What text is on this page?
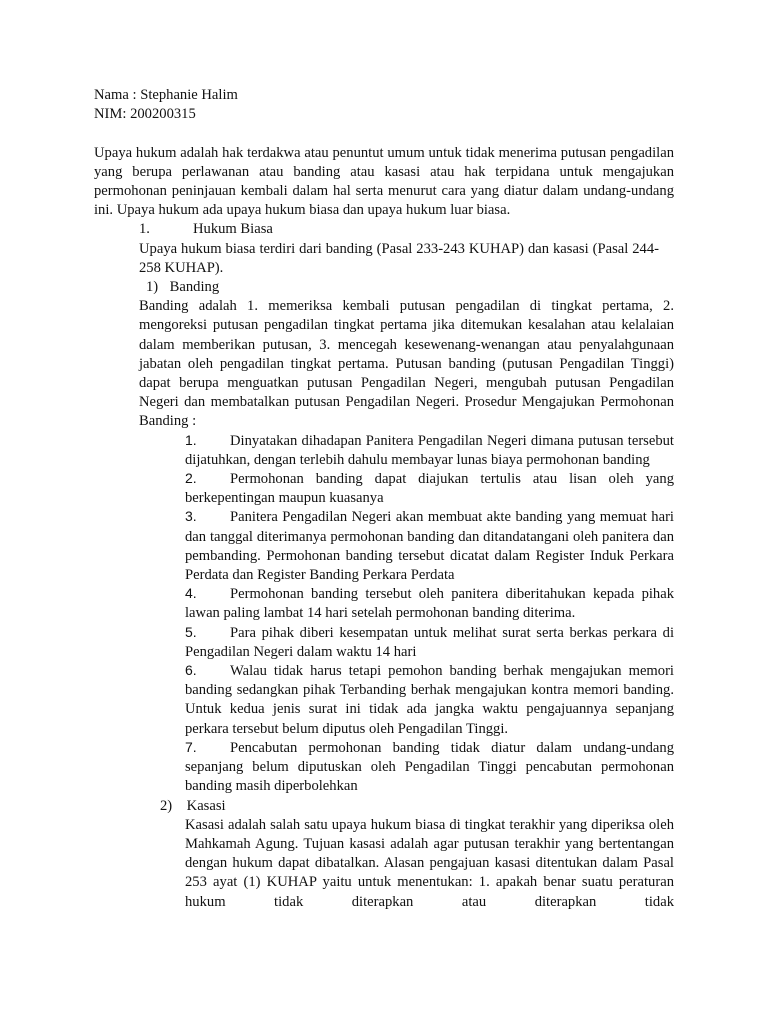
Nama : Stephanie Halim

NIM: 200200315

Upaya hukum adalah hak terdakwa atau penuntut umum untuk tidak menerima putusan pengadilan yang berupa perlawanan atau banding atau kasasi atau hak terpidana untuk mengajukan permohonan peninjauan kembali dalam hal serta menurut cara yang diatur dalam undang-undang ini. Upaya hukum ada upaya hukum biasa dan upaya hukum luar biasa.

1.	Hukum Biasa

Upaya hukum biasa terdiri dari banding (Pasal 233-243 KUHAP) dan kasasi (Pasal 244-258 KUHAP).

1) Banding

Banding adalah 1. memeriksa kembali putusan pengadilan di tingkat pertama, 2. mengoreksi putusan pengadilan tingkat pertama jika ditemukan kesalahan atau kelalaian dalam memberikan putusan, 3. mencegah kesewenang-wenangan atau penyalahgunaan jabatan oleh pengadilan tingkat pertama. Putusan banding (putusan Pengadilan Tinggi) dapat berupa menguatkan putusan Pengadilan Negeri, mengubah putusan Pengadilan Negeri dan membatalkan putusan Pengadilan Negeri. Prosedur Mengajukan Permohonan Banding :

1.	Dinyatakan dihadapan Panitera Pengadilan Negeri dimana putusan tersebut dijatuhkan, dengan terlebih dahulu membayar lunas biaya permohonan banding

2.	Permohonan banding dapat diajukan tertulis atau lisan oleh yang berkepentingan maupun kuasanya

3.	Panitera Pengadilan Negeri akan membuat akte banding yang memuat hari dan tanggal diterimanya permohonan banding dan ditandatangani oleh panitera dan pembanding. Permohonan banding tersebut dicatat dalam Register Induk Perkara Perdata dan Register Banding Perkara Perdata

4.	Permohonan banding tersebut oleh panitera diberitahukan kepada pihak lawan paling lambat 14 hari setelah permohonan banding diterima.

5.	Para pihak diberi kesempatan untuk melihat surat serta berkas perkara di Pengadilan Negeri dalam waktu 14 hari

6.	Walau tidak harus tetapi pemohon banding berhak mengajukan memori banding sedangkan pihak Terbanding berhak mengajukan kontra memori banding. Untuk kedua jenis surat ini tidak ada jangka waktu pengajuannya sepanjang perkara tersebut belum diputus oleh Pengadilan Tinggi.

7.	Pencabutan permohonan banding tidak diatur dalam undang-undang sepanjang belum diputuskan oleh Pengadilan Tinggi pencabutan permohonan banding masih diperbolehkan

2) Kasasi

Kasasi adalah salah satu upaya hukum biasa di tingkat terakhir yang diperiksa oleh Mahkamah Agung. Tujuan kasasi adalah agar putusan terakhir yang bertentangan dengan hukum dapat dibatalkan. Alasan pengajuan kasasi ditentukan dalam Pasal 253 ayat (1) KUHAP yaitu untuk menentukan: 1. apakah benar suatu peraturan hukum tidak diterapkan atau diterapkan tidak
